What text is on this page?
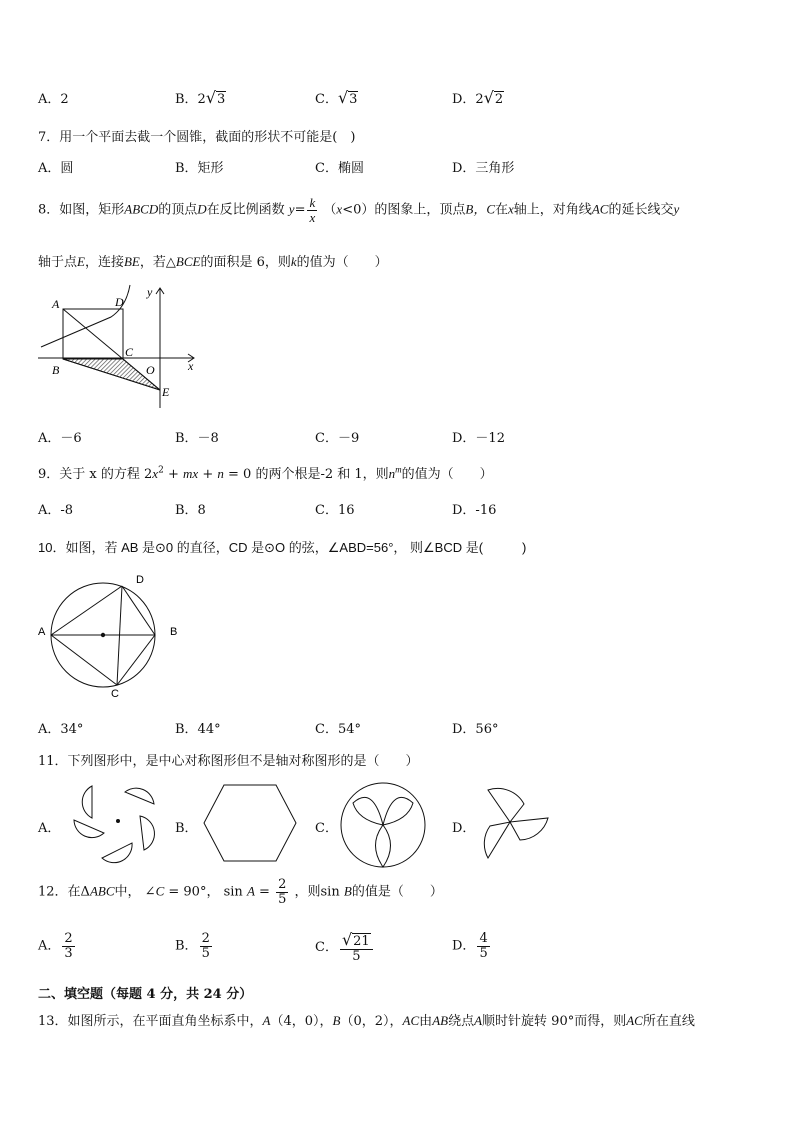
A．2	B．2√3	C．√3	D．2√2
7．用一个平面去截一个圆锥，截面的形状不可能是(　)
A．圆	B．矩形	C．椭圆	D．三角形
8．如图，矩形ABCD的顶点D在反比例函数 $y= \frac{k}{x} (x<0)$的图象上，顶点B，C在x轴上，对角线AC的延长线交y
轴于点E，连接BE，若△BCE的面积是 6，则k的值为（　　）
A	D
B
C
O
E
x
y
A．－6	B．－8	C．－9	D．－12
9．关于 x 的方程 $2x^2$ + mx + n = 0 的两个根是-2 和 1，则$n^m$的值为（　　）
A．-8	B．8	C．16	D．-16
10．如图，若 AB 是⊙0 的直径，CD 是⊙O 的弦，∠ABD=56°， 则∠BCD 是(　　　)
A	B
C
D
A．34°	B．44°	C．54°	D．56°
11．下列图形中，是中心对称图形但不是轴对称图形的是（　　）
A．	B．	C．	D．
12．在ΔABC中， ∠C = 90°， $\sin A = \frac{2}{5}$ ，则sin B的值是（　　）
A． $\frac{2}{3}$	B． $\frac{2}{5}$	C． $\frac{√21}{5}$	D． $\frac{4}{5}$
二、填空题（每题 4 分，共 24 分）
13．如图所示，在平面直角坐标系中，A（4，0），B（0，2），AC由AB绕点A顺时针旋转 90°而得，则AC所在直线
